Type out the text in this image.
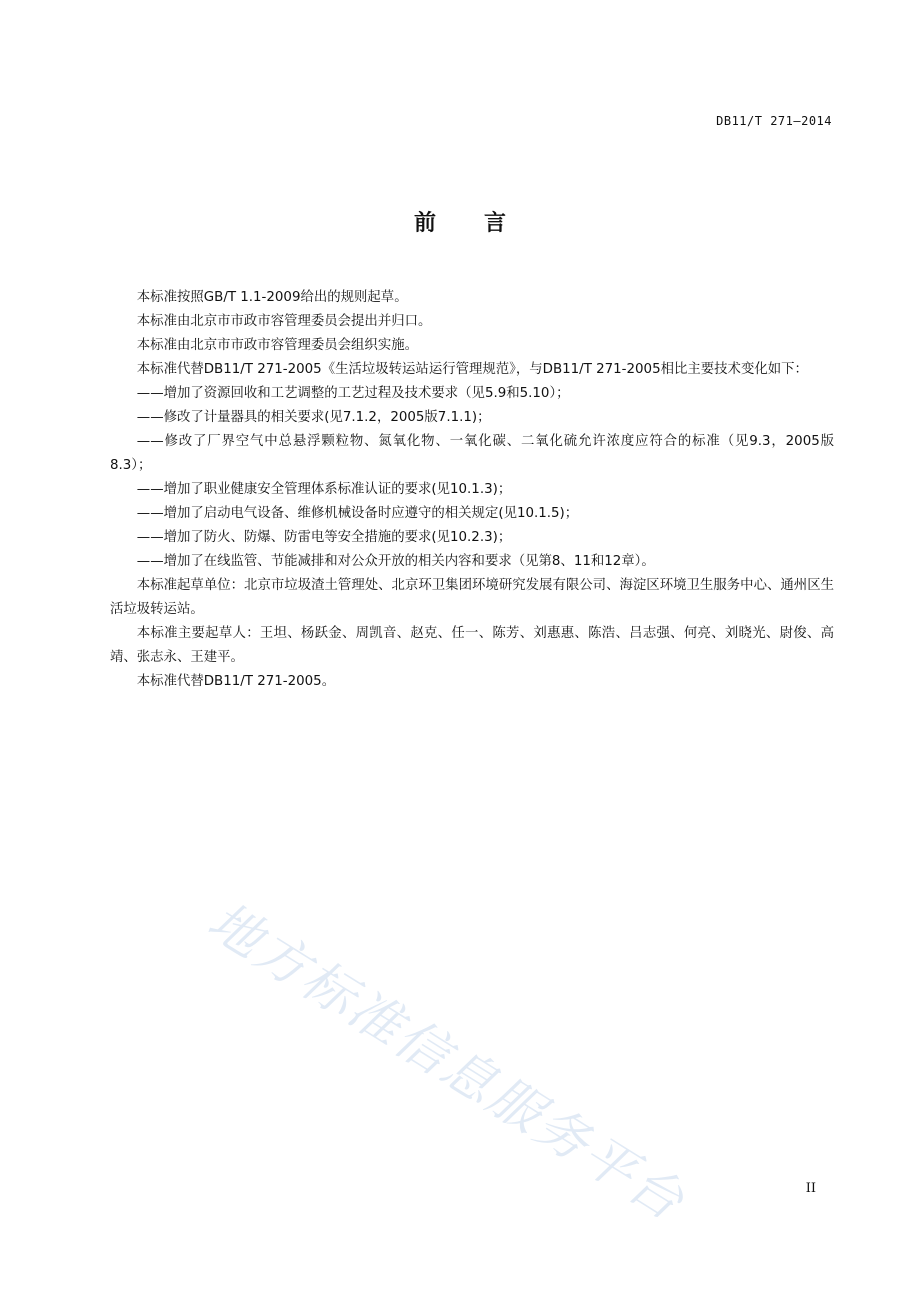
DB11/T 271—2014
前言

本标准按照GB/T 1.1-2009给出的规则起草。

本标准由北京市市政市容管理委员会提出并归口。

本标准由北京市市政市容管理委员会组织实施。

本标准代替DB11/T 271-2005《生活垃圾转运站运行管理规范》，与DB11/T 271-2005相比主要技术变化如下：

——增加了资源回收和工艺调整的工艺过程及技术要求（见5.9和5.10）；

——修改了计量器具的相关要求(见7.1.2，2005版7.1.1)；

——修改了厂界空气中总悬浮颗粒物、氮氧化物、一氧化碳、二氧化硫允许浓度应符合的标准（见9.3，2005版8.3）；

——增加了职业健康安全管理体系标准认证的要求(见10.1.3)；

——增加了启动电气设备、维修机械设备时应遵守的相关规定(见10.1.5)；

——增加了防火、防爆、防雷电等安全措施的要求(见10.2.3)；

——增加了在线监管、节能减排和对公众开放的相关内容和要求（见第8、11和12章）。

本标准起草单位：北京市垃圾渣土管理处、北京环卫集团环境研究发展有限公司、海淀区环境卫生服务中心、通州区生活垃圾转运站。

本标准主要起草人：王坦、杨跃金、周凯音、赵克、任一、陈芳、刘惠惠、陈浩、吕志强、何亮、刘晓光、尉俊、高靖、张志永、王建平。

本标准代替DB11/T 271-2005。

地方标准信息服务平台	II
